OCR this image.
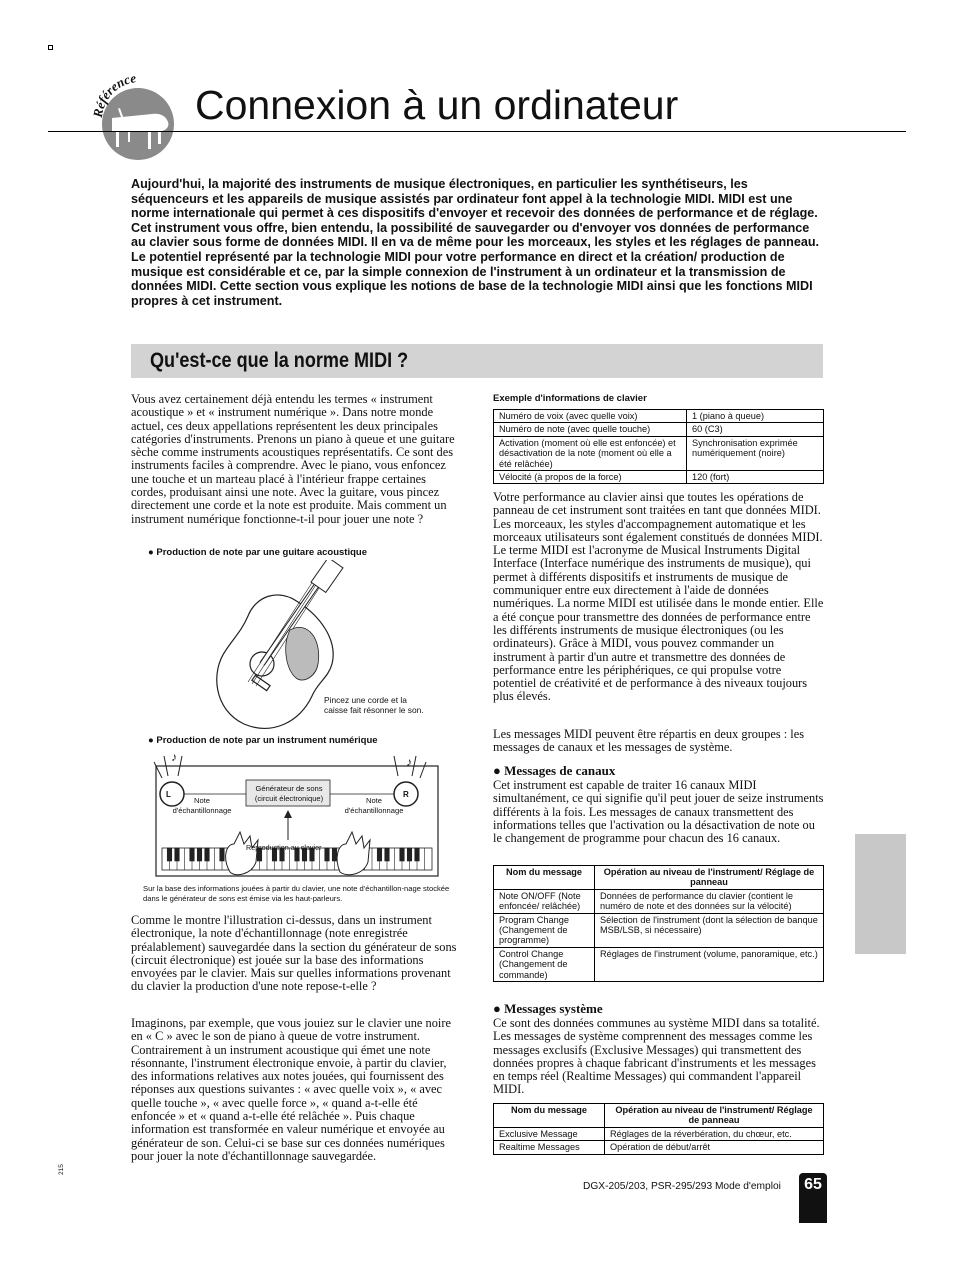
Référence
Connexion à un ordinateur

Aujourd'hui, la majorité des instruments de musique électroniques, en particulier les synthétiseurs, les séquenceurs et les appareils de musique assistés par ordinateur font appel à la technologie MIDI. MIDI est une norme internationale qui permet à ces dispositifs d'envoyer et recevoir des données de performance et de réglage. Cet instrument vous offre, bien entendu, la possibilité de sauvegarder ou d'envoyer vos données de performance au clavier sous forme de données MIDI. Il en va de même pour les morceaux, les styles et les réglages de panneau.

Le potentiel représenté par la technologie MIDI pour votre performance en direct et la création/ production de musique est considérable et ce, par la simple connexion de l'instrument à un ordinateur et la transmission de données MIDI. Cette section vous explique les notions de base de la technologie MIDI ainsi que les fonctions MIDI propres à cet instrument.

Qu'est-ce que la norme MIDI ?
Vous avez certainement déjà entendu les termes « instrument acoustique » et « instrument numérique ». Dans notre monde actuel, ces deux appellations représentent les deux principales catégories d'instruments. Prenons un piano à queue et une guitare sèche comme instruments acoustiques représentatifs. Ce sont des instruments faciles à comprendre. Avec le piano, vous enfoncez une touche et un marteau placé à l'intérieur frappe certaines cordes, produisant ainsi une note. Avec la guitare, vous pincez directement une corde et la note est produite. Mais comment un instrument numérique fonctionne-t-il pour jouer une note ?
● Production de note par une guitare acoustique
Pincez une corde et la
caisse fait résonner le son.
● Production de note par un instrument numérique
♪	♪
L	R
Générateur de sons
(circuit électronique)
Note
d'échantillonnage
Note
d'échantillonnage
Reproduction au clavier
Sur la base des informations jouées à partir du clavier, une note d'échantillon-nage stockée dans le générateur de sons est émise via les haut-parleurs.
Comme le montre l'illustration ci-dessus, dans un instrument électronique, la note d'échantillonnage (note enregistrée préalablement) sauvegardée dans la section du générateur de sons (circuit électronique) est jouée sur la base des informations envoyées par le clavier. Mais sur quelles informations provenant du clavier la production d'une note repose-t-elle ?
Imaginons, par exemple, que vous jouiez sur le clavier une noire en « C » avec le son de piano à queue de votre instrument. Contrairement à un instrument acoustique qui émet une note résonnante, l'instrument électronique envoie, à partir du clavier, des informations relatives aux notes jouées, qui fournissent des réponses aux questions suivantes : « avec quelle voix », « avec quelle touche », « avec quelle force », « quand a-t-elle été enfoncée » et « quand a-t-elle été relâchée ». Puis chaque information est transformée en valeur numérique et envoyée au générateur de son. Celui-ci se base sur ces données numériques pour jouer la note d'échantillonnage sauvegardée.
Exemple d'informations de clavier
Numéro de voix (avec quelle voix)	1 (piano à queue)
Numéro de note (avec quelle touche)	60 (C3)
Activation (moment où elle est enfoncée) et désactivation de la note (moment où elle a été relâchée)	Synchronisation exprimée numériquement (noire)
Vélocité (à propos de la force)	120 (fort)

Votre performance au clavier ainsi que toutes les opérations de panneau de cet instrument sont traitées en tant que données MIDI. Les morceaux, les styles d'accompagnement automatique et les morceaux utilisateurs sont également constitués de données MIDI.

Le terme MIDI est l'acronyme de Musical Instruments Digital Interface (Interface numérique des instruments de musique), qui permet à différents dispositifs et instruments de musique de communiquer entre eux directement à l'aide de données numériques. La norme MIDI est utilisée dans le monde entier. Elle a été conçue pour transmettre des données de performance entre les différents instruments de musique électroniques (ou les ordinateurs). Grâce à MIDI, vous pouvez commander un instrument à partir d'un autre et transmettre des données de performance entre les périphériques, ce qui propulse votre potentiel de créativité et de performance à des niveaux toujours plus élevés.

Les messages MIDI peuvent être répartis en deux groupes : les messages de canaux et les messages de système.
● Messages de canaux
Cet instrument est capable de traiter 16 canaux MIDI simultanément, ce qui signifie qu'il peut jouer de seize instruments différents à la fois. Les messages de canaux transmettent des informations telles que l'activation ou la désactivation de note ou le changement de programme pour chacun des 16 canaux.
Nom du message	Opération au niveau de l'instrument/ Réglage de panneau
Note ON/OFF (Note enfoncée/ relâchée)	Données de performance du clavier (contient le numéro de note et des données sur la vélocité)
Program Change (Changement de programme)	Sélection de l'instrument (dont la sélection de banque MSB/LSB, si nécessaire)
Control Change (Changement de commande)	Réglages de l'instrument (volume, panoramique, etc.)
● Messages système
Ce sont des données communes au système MIDI dans sa totalité. Les messages de système comprennent des messages comme les messages exclusifs (Exclusive Messages) qui transmettent des données propres à chaque fabricant d'instruments et les messages en temps réel (Realtime Messages) qui commandent l'appareil MIDI.
Nom du message	Opération au niveau de l'instrument/ Réglage de panneau
Exclusive Message	Réglages de la réverbération, du chœur, etc.
Realtime Messages	Opération de début/arrêt
215
DGX-205/203, PSR-295/293 Mode d'emploi	65
